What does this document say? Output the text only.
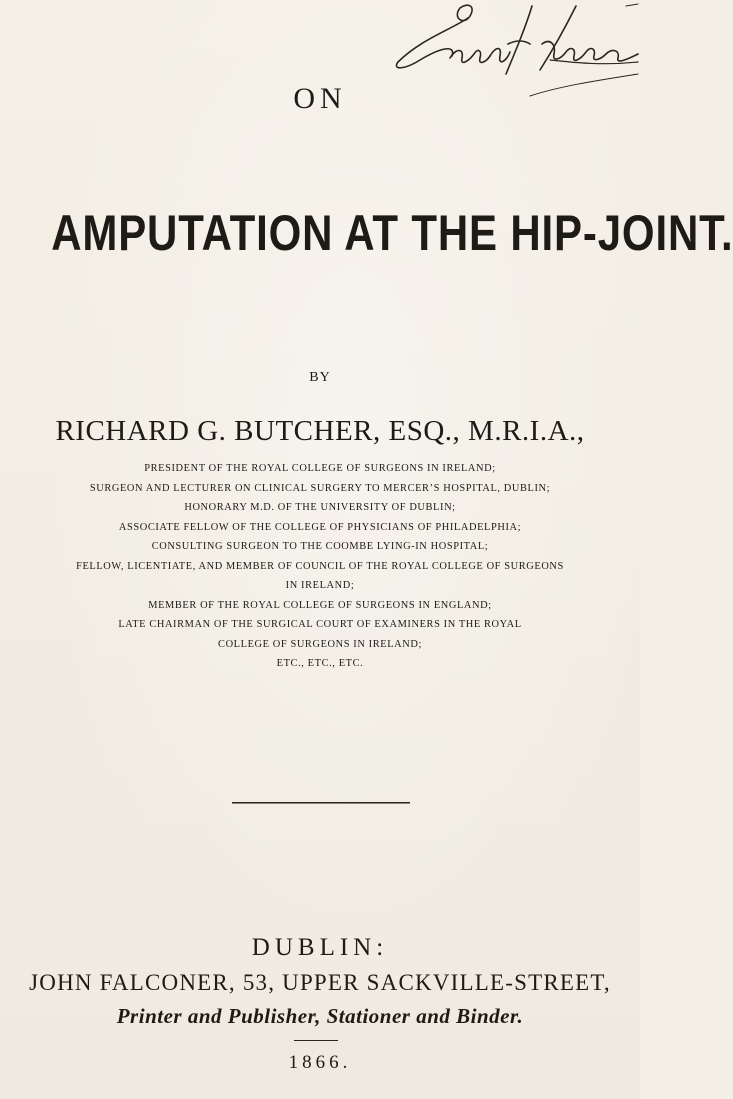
ON
AMPUTATION AT THE HIP-JOINT.
BY
RICHARD G. BUTCHER, ESQ., M.R.I.A.,
PRESIDENT OF THE ROYAL COLLEGE OF SURGEONS IN IRELAND;
SURGEON AND LECTURER ON CLINICAL SURGERY TO MERCER’S HOSPITAL, DUBLIN;
HONORARY M.D. OF THE UNIVERSITY OF DUBLIN;
ASSOCIATE FELLOW OF THE COLLEGE OF PHYSICIANS OF PHILADELPHIA;
CONSULTING SURGEON TO THE COOMBE LYING-IN HOSPITAL;
FELLOW, LICENTIATE, AND MEMBER OF COUNCIL OF THE ROYAL COLLEGE OF SURGEONS
IN IRELAND;
MEMBER OF THE ROYAL COLLEGE OF SURGEONS IN ENGLAND;
LATE CHAIRMAN OF THE SURGICAL COURT OF EXAMINERS IN THE ROYAL
COLLEGE OF SURGEONS IN IRELAND;
ETC., ETC., ETC.
DUBLIN:
JOHN FALCONER, 53, UPPER SACKVILLE-STREET,
Printer and Publisher, Stationer and Binder.
1866.
